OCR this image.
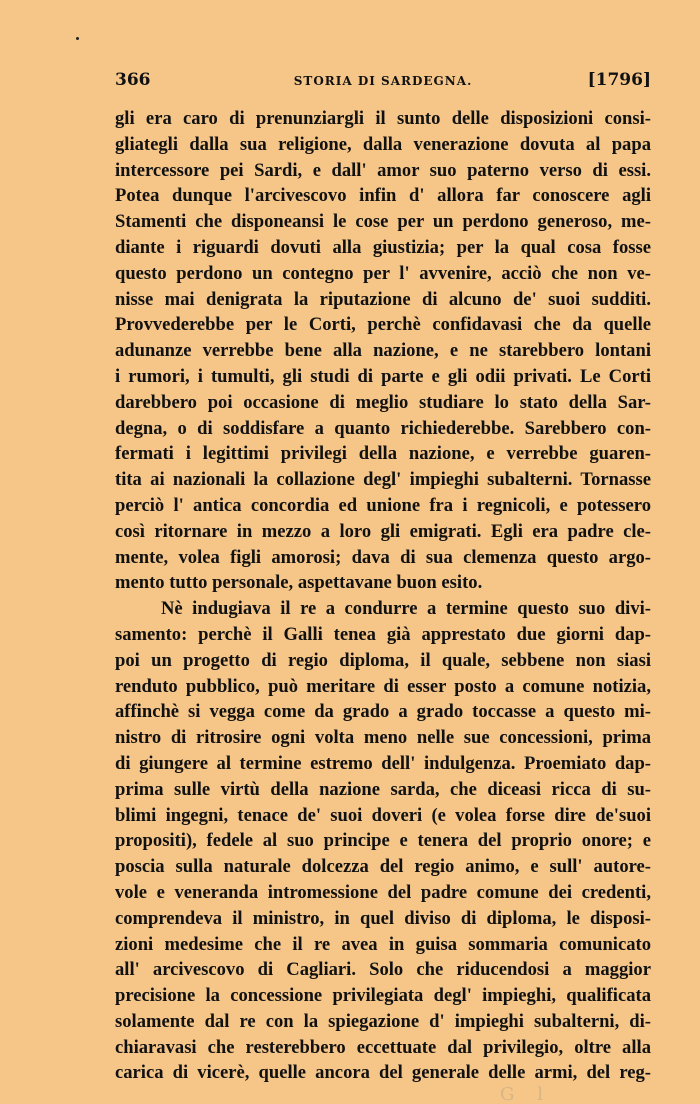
366	STORIA DI SARDEGNA.	[1796]
gli era caro di prenunziargli il sunto delle disposizioni consi-
gliategli dalla sua religione, dalla venerazione dovuta al papa
intercessore pei Sardi, e dall' amor suo paterno verso di essi.
Potea dunque l'arcivescovo infin d' allora far conoscere agli
Stamenti che disponeansi le cose per un perdono generoso, me-
diante i riguardi dovuti alla giustizia; per la qual cosa fosse
questo perdono un contegno per l' avvenire, acciò che non ve-
nisse mai denigrata la riputazione di alcuno de' suoi sudditi.
Provvederebbe per le Corti, perchè confidavasi che da quelle
adunanze verrebbe bene alla nazione, e ne starebbero lontani
i rumori, i tumulti, gli studi di parte e gli odii privati. Le Corti
darebbero poi occasione di meglio studiare lo stato della Sar-
degna, o di soddisfare a quanto richiederebbe. Sarebbero con-
fermati i legittimi privilegi della nazione, e verrebbe guaren-
tita ai nazionali la collazione degl' impieghi subalterni. Tornasse
perciò l' antica concordia ed unione fra i regnicoli, e potessero
così ritornare in mezzo a loro gli emigrati. Egli era padre cle-
mente, volea figli amorosi; dava di sua clemenza questo argo-
mento tutto personale, aspettavane buon esito.
Nè indugiava il re a condurre a termine questo suo divi-
samento: perchè il Galli tenea già apprestato due giorni dap-
poi un progetto di regio diploma, il quale, sebbene non siasi
renduto pubblico, può meritare di esser posto a comune notizia,
affinchè si vegga come da grado a grado toccasse a questo mi-
nistro di ritrosire ogni volta meno nelle sue concessioni, prima
di giungere al termine estremo dell' indulgenza. Proemiato dap-
prima sulle virtù della nazione sarda, che diceasi ricca di su-
blimi ingegni, tenace de' suoi doveri (e volea forse dire de'suoi
propositi), fedele al suo principe e tenera del proprio onore; e
poscia sulla naturale dolcezza del regio animo, e sull' autore-
vole e veneranda intromessione del padre comune dei credenti,
comprendeva il ministro, in quel diviso di diploma, le disposi-
zioni medesime che il re avea in guisa sommaria comunicato
all' arcivescovo di Cagliari. Solo che riducendosi a maggior
precisione la concessione privilegiata degl' impieghi, qualificata
solamente dal re con la spiegazione d' impieghi subalterni, di-
chiaravasi che resterebbero eccettuate dal privilegio, oltre alla
carica di vicerè, quelle ancora del generale delle armi, del reg-
G    l
